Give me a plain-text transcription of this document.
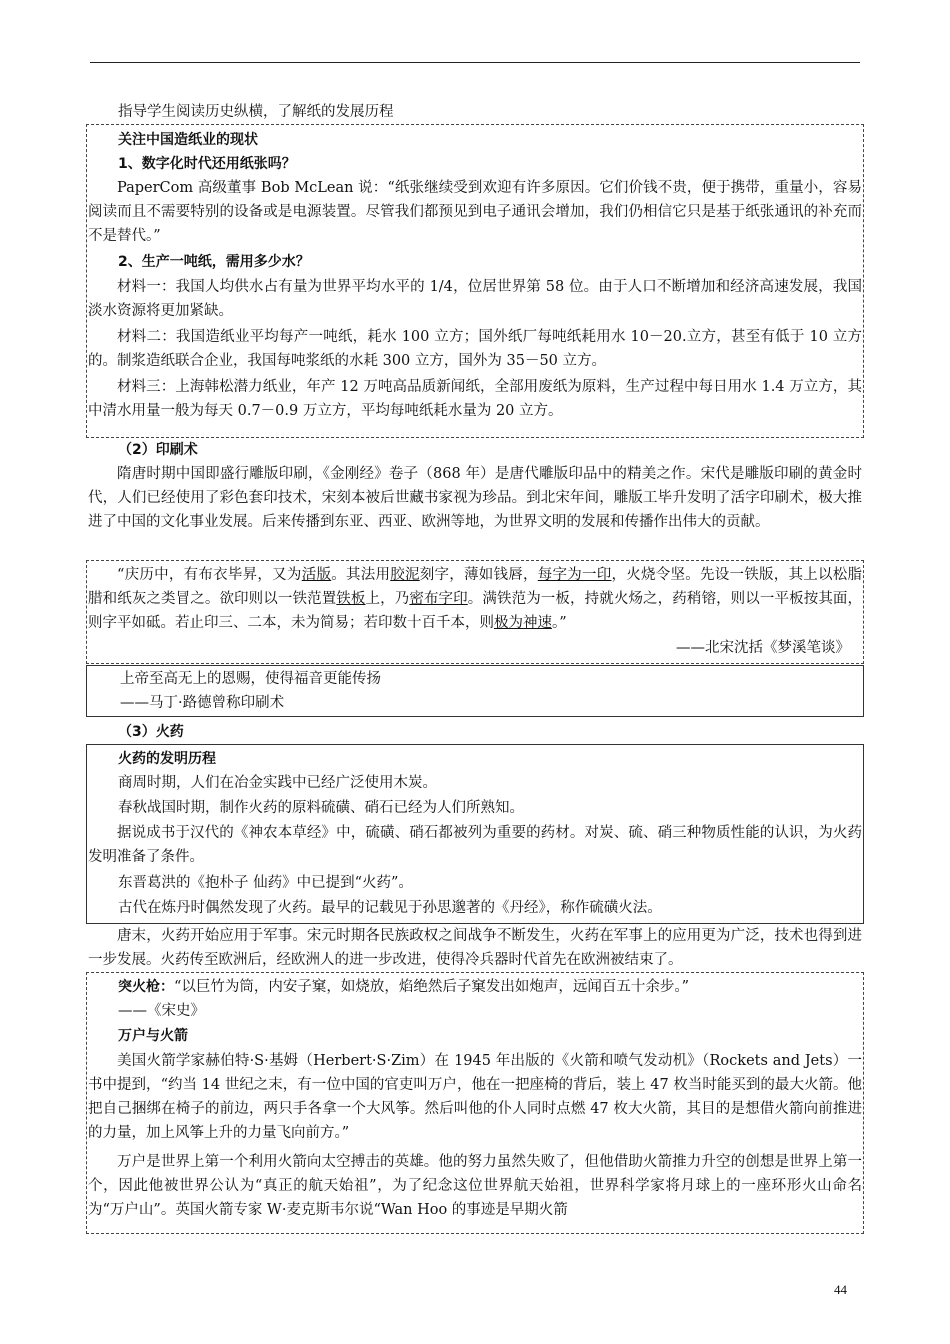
指导学生阅读历史纵横，了解纸的发展历程
关注中国造纸业的现状
1、数字化时代还用纸张吗？
PaperCom 高级董事 Bob McLean 说：“纸张继续受到欢迎有许多原因。它们价钱不贵，便于携带，重量小，容易阅读而且不需要特别的设备或是电源装置。尽管我们都预见到电子通讯会增加，我们仍相信它只是基于纸张通讯的补充而不是替代。”
2、生产一吨纸，需用多少水？
材料一：我国人均供水占有量为世界平均水平的 1/4，位居世界第 58 位。由于人口不断增加和经济高速发展，我国淡水资源将更加紧缺。
材料二：我国造纸业平均每产一吨纸，耗水 100 立方；国外纸厂每吨纸耗用水 10－20.立方，甚至有低于 10 立方的。制浆造纸联合企业，我国每吨浆纸的水耗 300 立方，国外为 35－50 立方。
材料三：上海韩松潜力纸业，年产 12 万吨高品质新闻纸，全部用废纸为原料，生产过程中每日用水 1.4 万立方，其中清水用量一般为每天 0.7－0.9 万立方，平均每吨纸耗水量为 20 立方。
（2）印刷术
隋唐时期中国即盛行雕版印刷，《金刚经》卷子（868 年）是唐代雕版印品中的精美之作。宋代是雕版印刷的黄金时代，人们已经使用了彩色套印技术，宋刻本被后世藏书家视为珍品。到北宋年间，雕版工毕升发明了活字印刷术，极大推进了中国的文化事业发展。后来传播到东亚、西亚、欧洲等地，为世界文明的发展和传播作出伟大的贡献。
“庆历中，有布衣毕昇，又为活版。其法用胶泥刻字，薄如钱唇，每字为一印，火烧令坚。先设一铁版，其上以松脂腊和纸灰之类冒之。欲印则以一铁范置铁板上，乃密布字印。满铁范为一板，持就火炀之，药稍镕，则以一平板按其面，则字平如砥。若止印三、二本，未为简易；若印数十百千本，则极为神速。”
——北宋沈括《梦溪笔谈》
上帝至高无上的恩赐，使得福音更能传扬
——马丁·路德曾称印刷术
（3）火药
火药的发明历程
商周时期，人们在冶金实践中已经广泛使用木炭。
春秋战国时期，制作火药的原料硫磺、硝石已经为人们所熟知。
据说成书于汉代的《神农本草经》中，硫磺、硝石都被列为重要的药材。对炭、硫、硝三种物质性能的认识，为火药发明准备了条件。
东晋葛洪的《抱朴子 仙药》中已提到“火药”。
古代在炼丹时偶然发现了火药。最早的记载见于孙思邈著的《丹经》，称作硫磺火法。
唐末，火药开始应用于军事。宋元时期各民族政权之间战争不断发生，火药在军事上的应用更为广泛，技术也得到进一步发展。火药传至欧洲后，经欧洲人的进一步改进，使得冷兵器时代首先在欧洲被结束了。
突火枪：“以巨竹为筒，内安子窠，如烧放，焰绝然后子窠发出如炮声，远闻百五十余步。”
——《宋史》
万户与火箭
美国火箭学家赫伯特·S·基姆（Herbert·S·Zim）在 1945 年出版的《火箭和喷气发动机》（Rockets and Jets）一书中提到，“约当 14 世纪之末，有一位中国的官吏叫万户，他在一把座椅的背后，装上 47 枚当时能买到的最大火箭。他把自己捆绑在椅子的前边，两只手各拿一个大风筝。然后叫他的仆人同时点燃 47 枚大火箭，其目的是想借火箭向前推进的力量，加上风筝上升的力量飞向前方。”
万户是世界上第一个利用火箭向太空搏击的英雄。他的努力虽然失败了，但他借助火箭推力升空的创想是世界上第一个，因此他被世界公认为“真正的航天始祖”，为了纪念这位世界航天始祖，世界科学家将月球上的一座环形火山命名为“万户山”。英国火箭专家 W·麦克斯韦尔说“Wan Hoo 的事迹是早期火箭
44
